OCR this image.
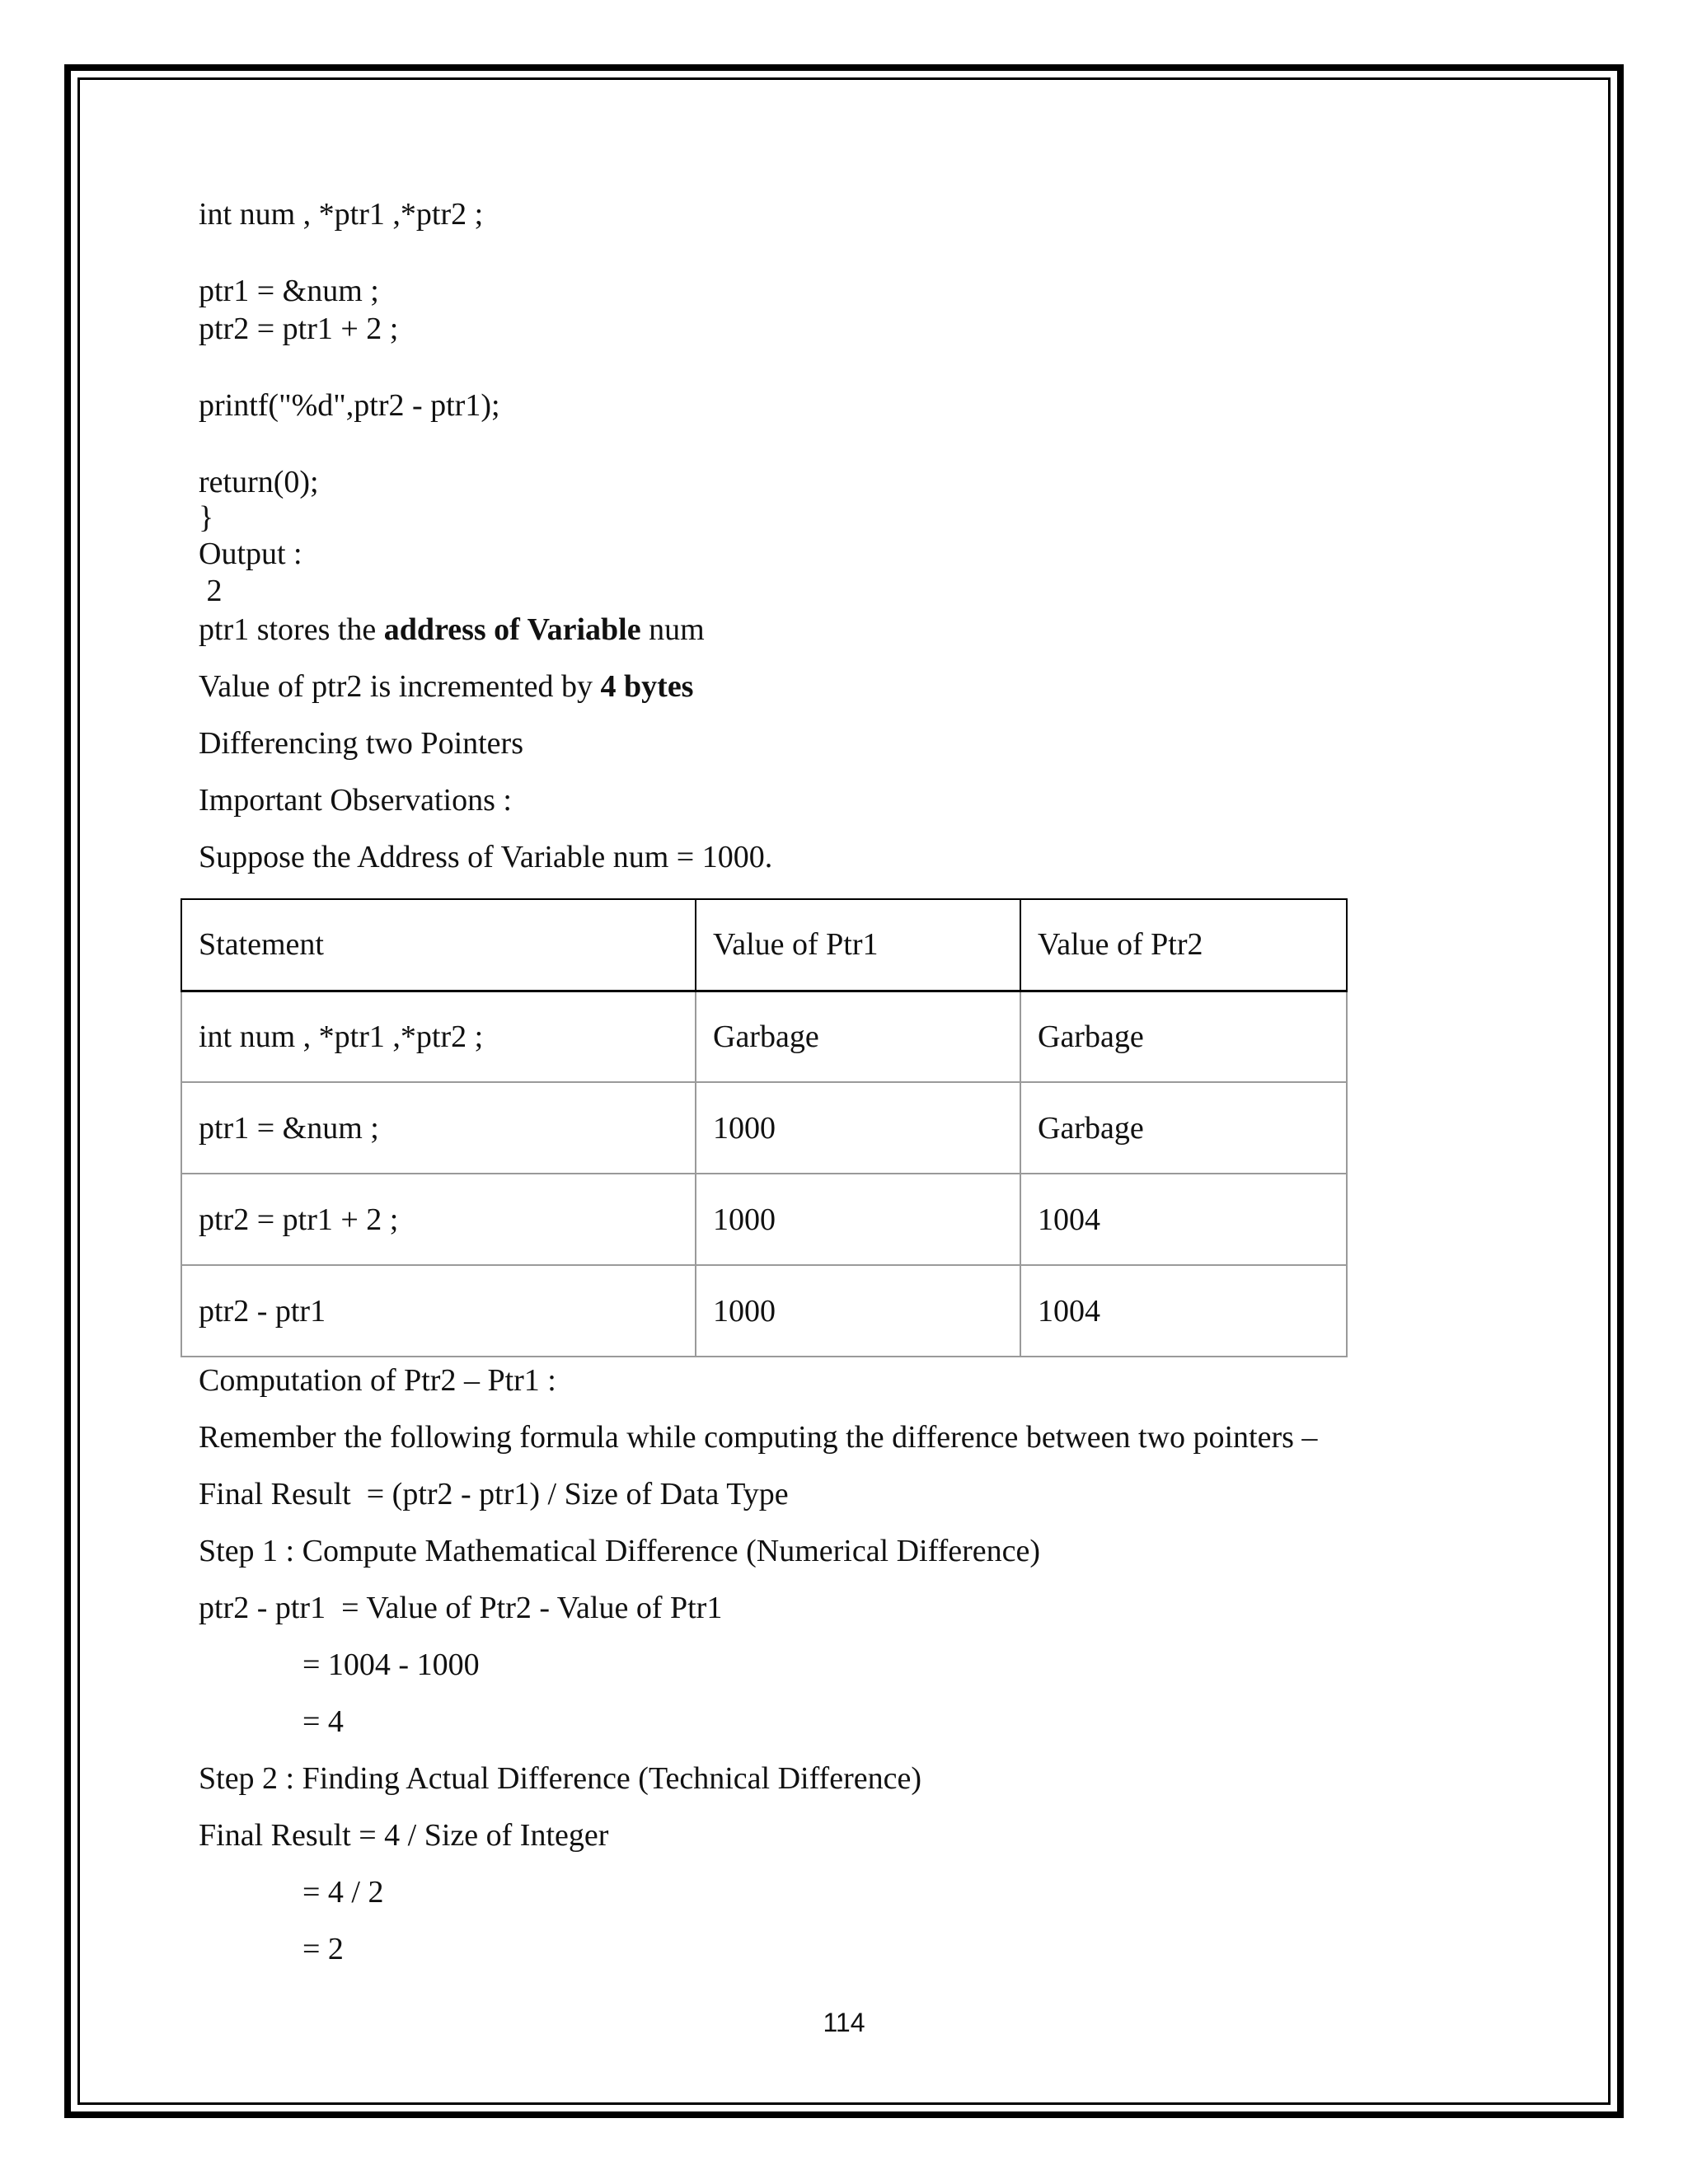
int num , *ptr1 ,*ptr2 ;
ptr1 = &num ;
ptr2 = ptr1 + 2 ;
printf("%d",ptr2 - ptr1);
return(0);
}
Output :
2
ptr1 stores the address of Variable num
Value of ptr2 is incremented by 4 bytes
Differencing two Pointers
Important Observations :
Suppose the Address of Variable num = 1000.
Statement	Value of Ptr1	Value of Ptr2
int num , *ptr1 ,*ptr2 ;	Garbage	Garbage
ptr1 = &num ;	1000	Garbage
ptr2 = ptr1 + 2 ;	1000	1004
ptr2 - ptr1	1000	1004
Computation of Ptr2 – Ptr1 :
Remember the following formula while computing the difference between two pointers –
Final Result  = (ptr2 - ptr1) / Size of Data Type
Step 1 : Compute Mathematical Difference (Numerical Difference)
ptr2 - ptr1  = Value of Ptr2 - Value of Ptr1
= 1004 - 1000
= 4
Step 2 : Finding Actual Difference (Technical Difference)
Final Result = 4 / Size of Integer
= 4 / 2
= 2
114
